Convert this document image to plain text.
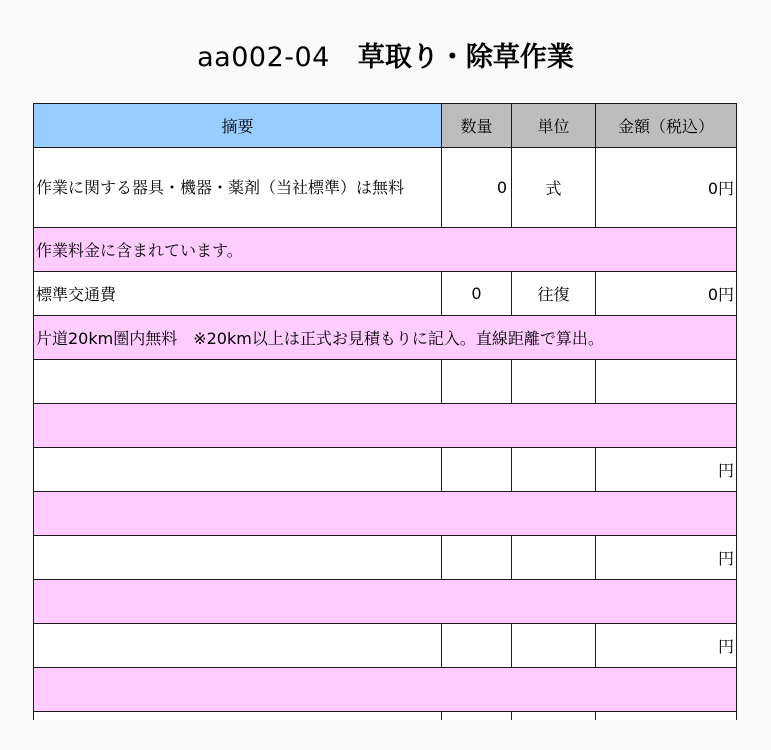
aa002-04 草取り・除草作業
摘要	数量	単位	金額（税込）
作業に関する器具・機器・薬剤（当社標準）は無料	0	式	0円
作業料金に含まれています。			
標準交通費	0	往復	0円
片道20km圏内無料　※20km以上は正式お見積もりに記入。直線距離で算出。			

			円

			円

			円
